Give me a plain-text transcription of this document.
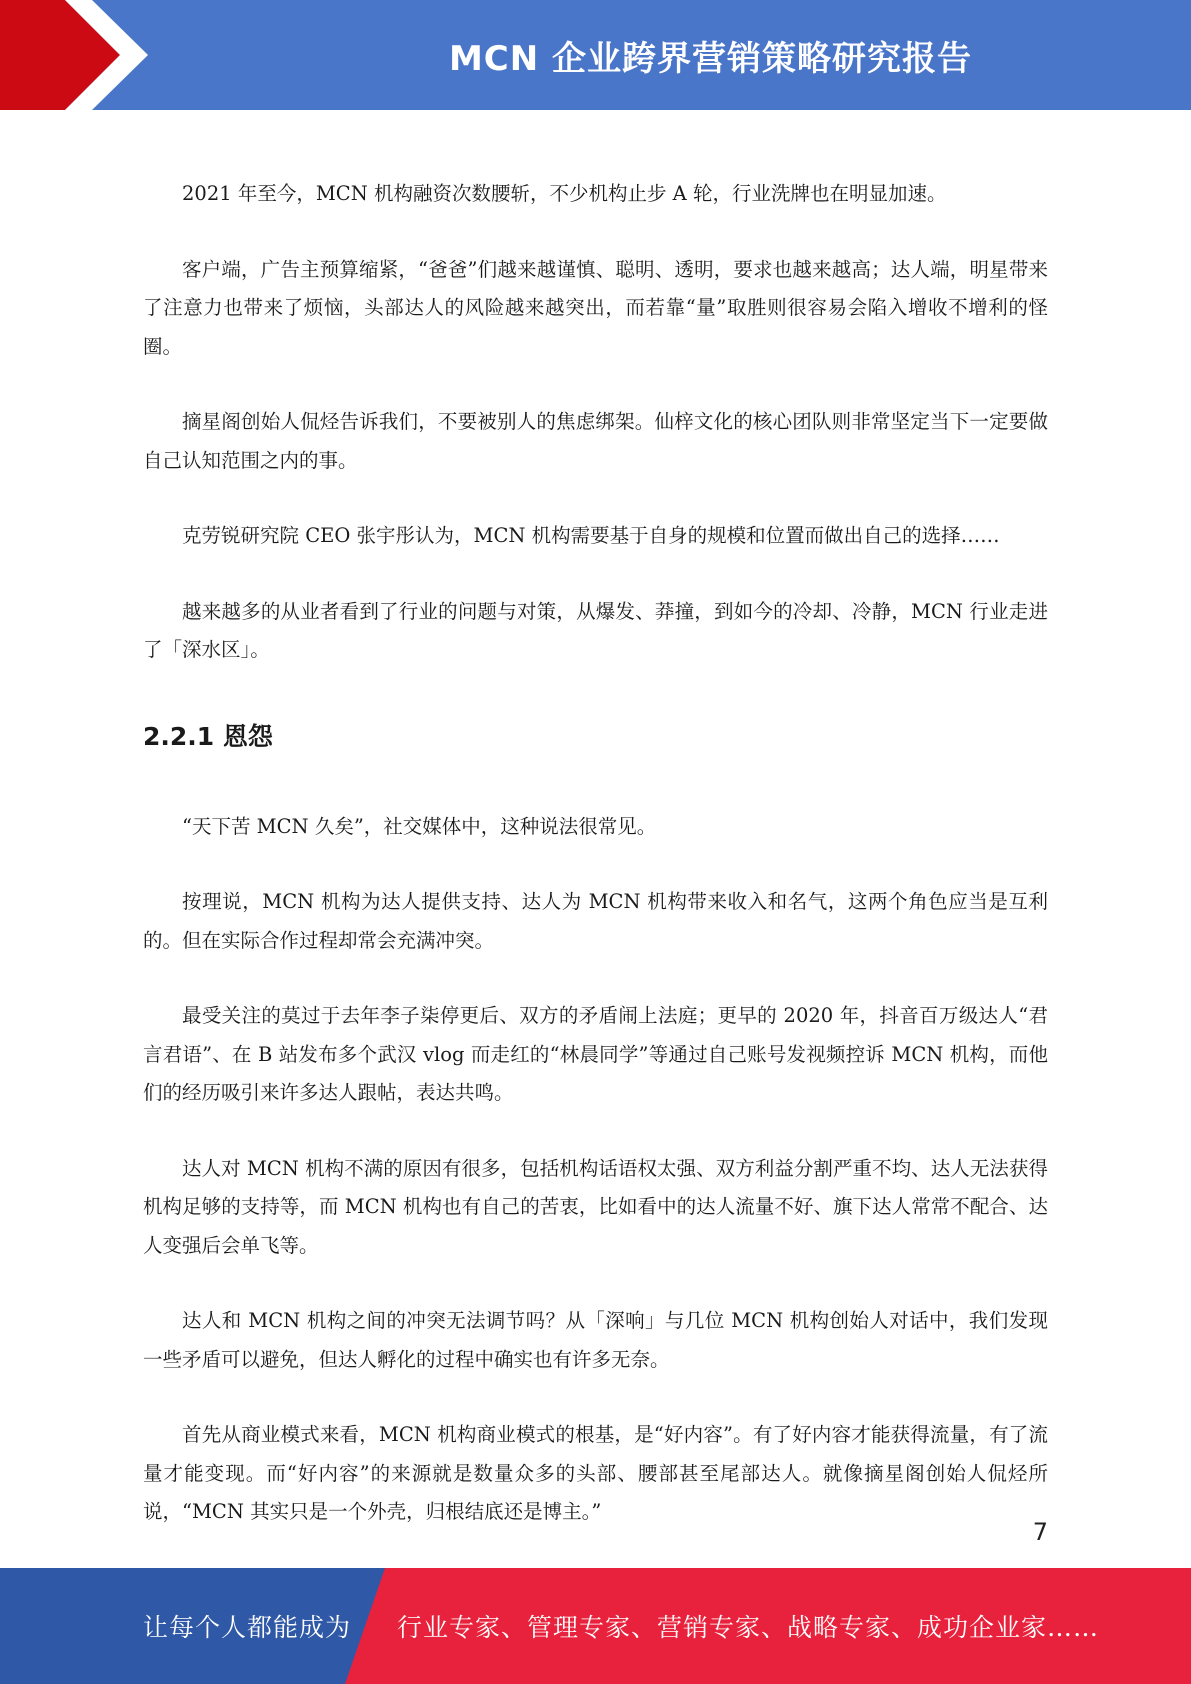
MCN 企业跨界营销策略研究报告

2021 年至今，MCN 机构融资次数腰斩，不少机构止步 A 轮，行业洗牌也在明显加速。

客户端，广告主预算缩紧，“爸爸”们越来越谨慎、聪明、透明，要求也越来越高；达人端，明星带来了注意力也带来了烦恼，头部达人的风险越来越突出，而若靠“量”取胜则很容易会陷入增收不增利的怪圈。

摘星阁创始人侃烃告诉我们，不要被别人的焦虑绑架。仙梓文化的核心团队则非常坚定当下一定要做自己认知范围之内的事。

克劳锐研究院 CEO 张宇彤认为，MCN 机构需要基于自身的规模和位置而做出自己的选择……

越来越多的从业者看到了行业的问题与对策，从爆发、莽撞，到如今的冷却、冷静，MCN 行业走进了「深水区」。

2.2.1 恩怨

“天下苦 MCN 久矣”，社交媒体中，这种说法很常见。

按理说，MCN 机构为达人提供支持、达人为 MCN 机构带来收入和名气，这两个角色应当是互利的。但在实际合作过程却常会充满冲突。

最受关注的莫过于去年李子柒停更后、双方的矛盾闹上法庭；更早的 2020 年，抖音百万级达人“君言君语”、在 B 站发布多个武汉 vlog 而走红的“林晨同学”等通过自己账号发视频控诉 MCN 机构，而他们的经历吸引来许多达人跟帖，表达共鸣。

达人对 MCN 机构不满的原因有很多，包括机构话语权太强、双方利益分割严重不均、达人无法获得机构足够的支持等，而 MCN 机构也有自己的苦衷，比如看中的达人流量不好、旗下达人常常不配合、达人变强后会单飞等。

达人和 MCN 机构之间的冲突无法调节吗？从「深响」与几位 MCN 机构创始人对话中，我们发现一些矛盾可以避免，但达人孵化的过程中确实也有许多无奈。

首先从商业模式来看，MCN 机构商业模式的根基，是“好内容”。有了好内容才能获得流量，有了流量才能变现。而“好内容”的来源就是数量众多的头部、腰部甚至尾部达人。就像摘星阁创始人侃烃所说，“MCN 其实只是一个外壳，归根结底还是博主。”

7
让每个人都能成为 行业专家、管理专家、营销专家、战略专家、成功企业家……
